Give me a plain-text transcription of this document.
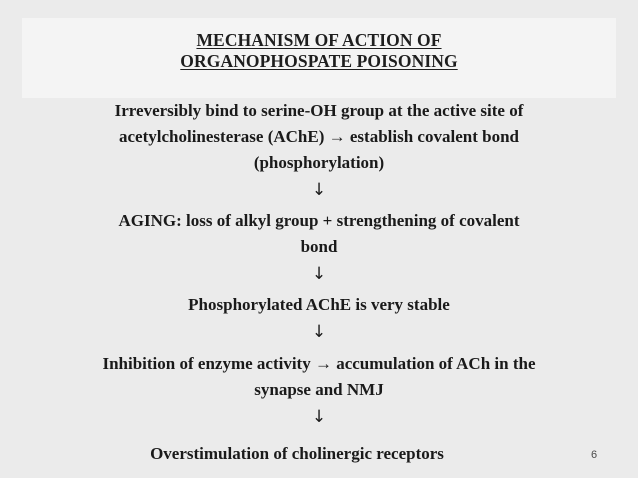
MECHANISM OF ACTION OF
ORGANOPHOSPATE POISONING
Irreversibly bind to serine-OH group at the active site of
acetylcholinesterase (AChE) → establish covalent bond
(phosphorylation)
↓
AGING: loss of alkyl group + strengthening of covalent
bond
↓
Phosphorylated AChE is very stable
↓
Inhibition of enzyme activity → accumulation of ACh in the
synapse and NMJ
↓
Overstimulation of cholinergic receptors	6
